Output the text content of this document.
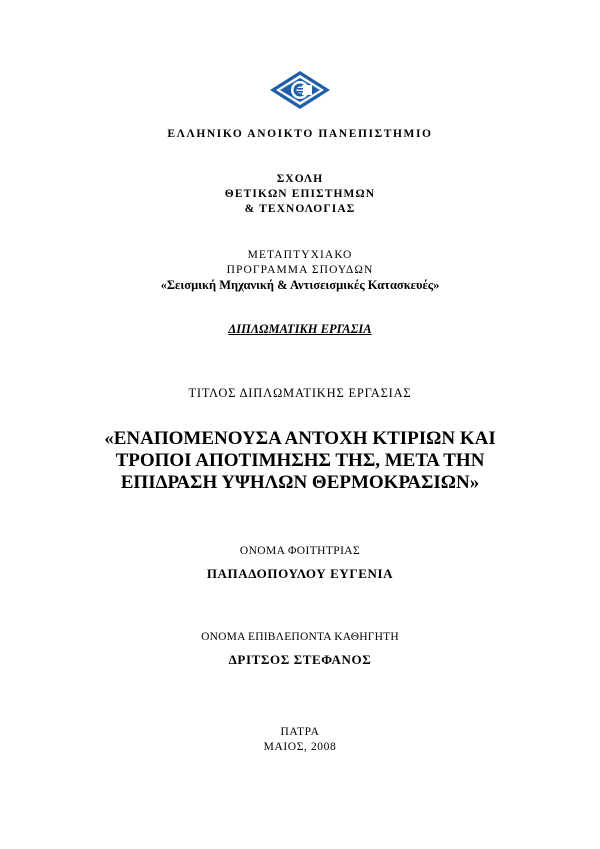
ΕΛΛΗΝΙΚΟ ΑΝΟΙΚΤΟ ΠΑΝΕΠΙΣΤΗΜΙΟ
ΣΧΟΛΗ
ΘΕΤΙΚΩΝ ΕΠΙΣΤΗΜΩΝ
& ΤΕΧΝΟΛΟΓΙΑΣ
ΜΕΤΑΠΤΥΧΙΑΚΟ
ΠΡΟΓΡΑΜΜΑ ΣΠΟΥΔΩΝ
«Σεισμική Μηχανική & Αντισεισμικές Κατασκευές»
ΔΙΠΛΩΜΑΤΙΚΗ ΕΡΓΑΣΙΑ
ΤΙΤΛΟΣ ΔΙΠΛΩΜΑΤΙΚΗΣ ΕΡΓΑΣΙΑΣ
«ΕΝΑΠΟΜΕΝΟΥΣΑ ΑΝΤΟΧΗ ΚΤΙΡΙΩΝ ΚΑΙ
ΤΡΟΠΟΙ ΑΠΟΤΙΜΗΣΗΣ ΤΗΣ, ΜΕΤΑ ΤΗΝ
ΕΠΙΔΡΑΣΗ ΥΨΗΛΩΝ ΘΕΡΜΟΚΡΑΣΙΩΝ»
ΟΝΟΜΑ ΦΟΙΤΗΤΡΙΑΣ
ΠΑΠΑΔΟΠΟΥΛΟΥ ΕΥΓΕΝΙΑ
ΟΝΟΜΑ ΕΠΙΒΛΕΠΟΝΤΑ ΚΑΘΗΓΗΤΗ
ΔΡΙΤΣΟΣ ΣΤΕΦΑΝΟΣ
ΠΑΤΡΑ
ΜΑΙΟΣ, 2008
